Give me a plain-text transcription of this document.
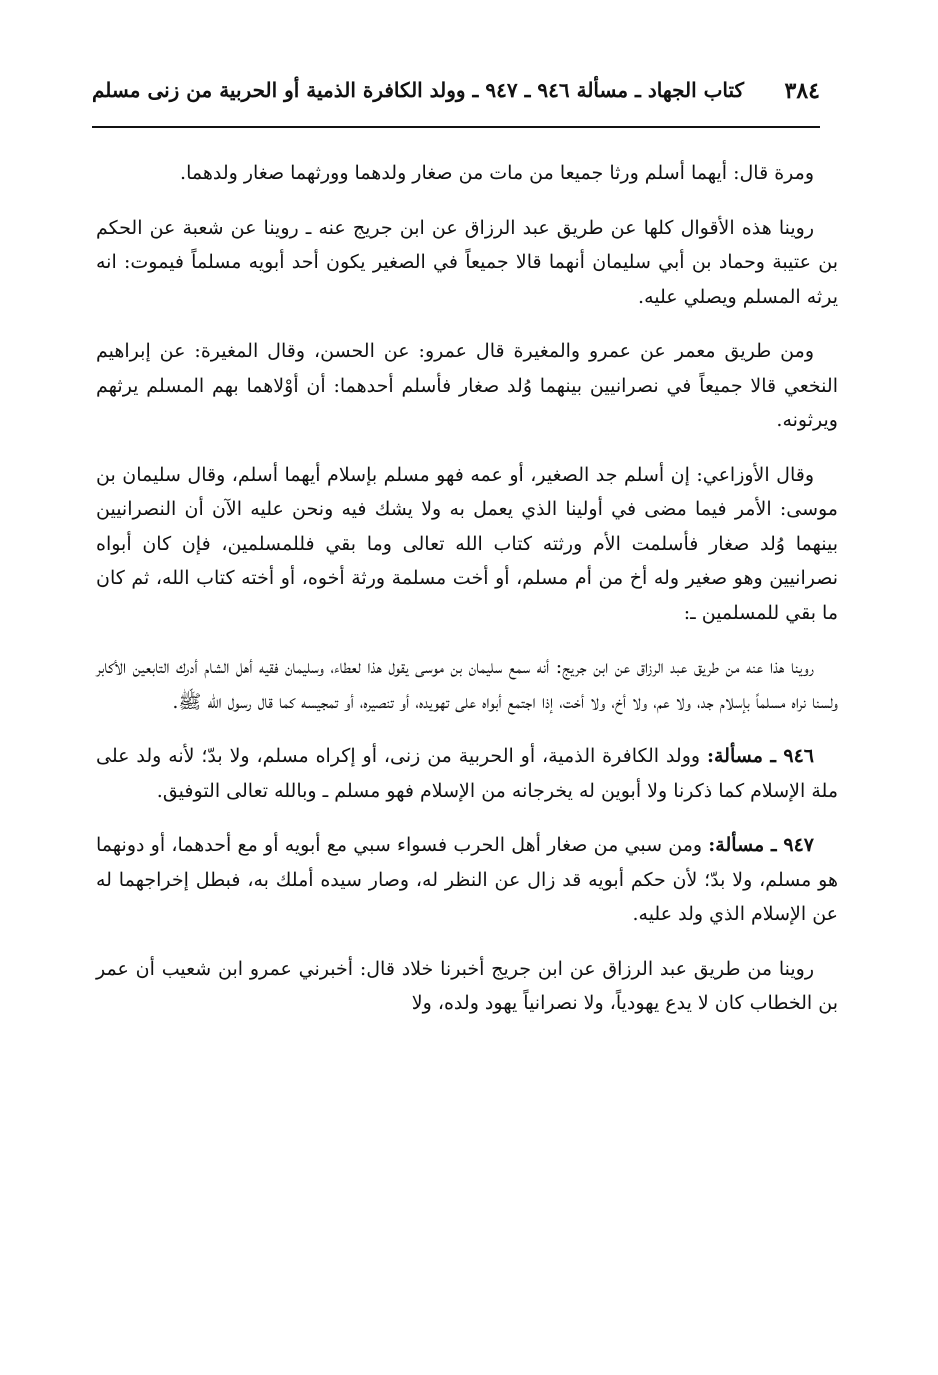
٣٨٤
كتاب الجهاد ـ مسألة ٩٤٦ ـ ٩٤٧ ـ وولد الكافرة الذمية أو الحربية من زنى مسلم

ومرة قال: أيهما أسلم ورثا جميعا من مات من صغار ولدهما وورثهما صغار ولدهما.

روينا هذه الأقوال كلها عن طريق عبد الرزاق عن ابن جريج عنه ـ روينا عن شعبة عن الحكم بن عتيبة وحماد بن أبي سليمان أنهما قالا جميعاً في الصغير يكون أحد أبويه مسلماً فيموت: انه يرثه المسلم ويصلي عليه.

ومن طريق معمر عن عمرو والمغيرة قال عمرو: عن الحسن، وقال المغيرة: عن إبراهيم النخعي قالا جميعاً في نصرانيين بينهما وُلد صغار فأسلم أحدهما: أن أوْلاهما بهم المسلم يرثهم ويرثونه.

وقال الأوزاعي: إن أسلم جد الصغير، أو عمه فهو مسلم بإسلام أيهما أسلم، وقال سليمان بن موسى: الأمر فيما مضى في أولينا الذي يعمل به ولا يشك فيه ونحن عليه الآن أن النصرانيين بينهما وُلد صغار فأسلمت الأم ورثته كتاب الله تعالى وما بقي فللمسلمين، فإن كان أبواه نصرانيين وهو صغير وله أخ من أم مسلم، أو أخت مسلمة ورثة أخوه، أو أخته كتاب الله، ثم كان ما بقي للمسلمين ـ:

روينا هذا عنه من طريق عبد الرزاق عن ابن جريج: أنه سمع سليمان بن موسى يقول هذا لعطاء، وسليمان فقيه أهل الشام أدرك التابعين الأكابر ولسنا نراه مسلماً بإسلام جد، ولا عم، ولا أخ، ولا أخت، إذا اجتمع أبواه على تهويده، أو تنصيره، أو تمجيسه كما قال رسول الله ﷺ.

٩٤٦ ـ مسألة: وولد الكافرة الذمية، أو الحربية من زنى، أو إكراه مسلم، ولا بدّ؛ لأنه ولد على ملة الإسلام كما ذكرنا ولا أبوين له يخرجانه من الإسلام فهو مسلم ـ وبالله تعالى التوفيق.

٩٤٧ ـ مسألة: ومن سبي من صغار أهل الحرب فسواء سبي مع أبويه أو مع أحدهما، أو دونهما هو مسلم، ولا بدّ؛ لأن حكم أبويه قد زال عن النظر له، وصار سيده أملك به، فبطل إخراجهما له عن الإسلام الذي ولد عليه.

روينا من طريق عبد الرزاق عن ابن جريج أخبرنا خلاد قال: أخبرني عمرو ابن شعيب أن عمر بن الخطاب كان لا يدع يهودياً، ولا نصرانياً يهود ولده، ولا
